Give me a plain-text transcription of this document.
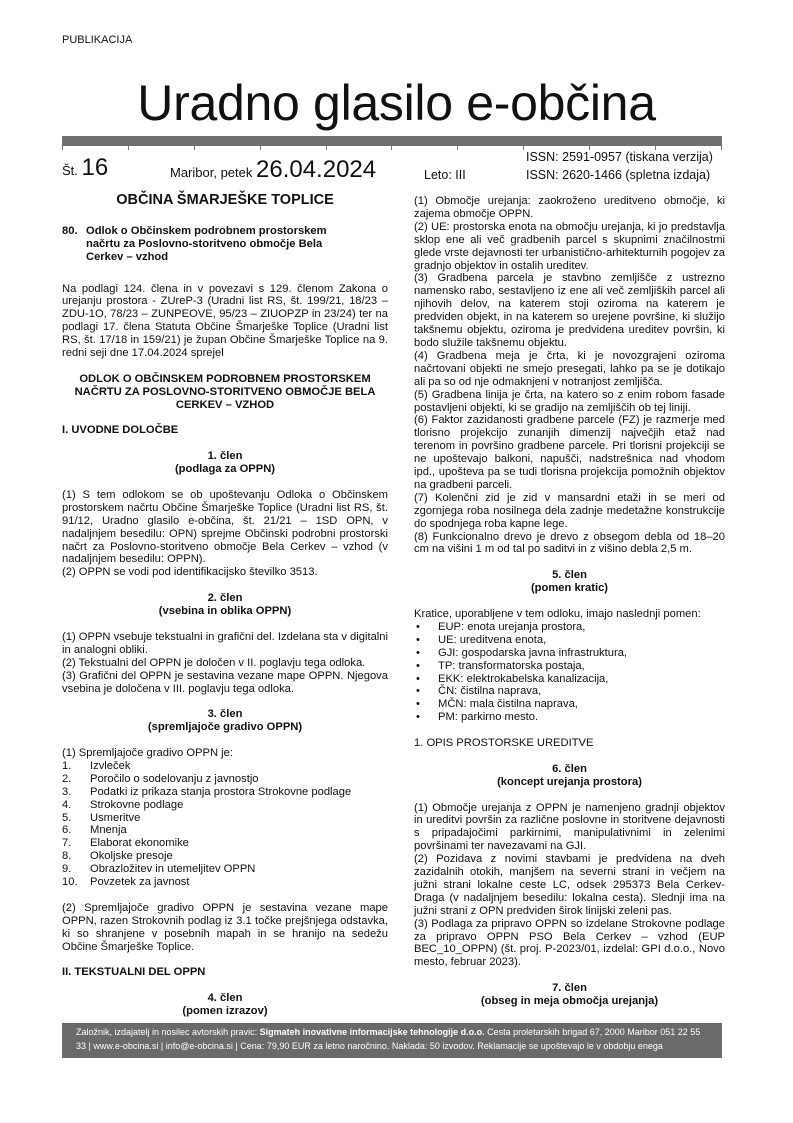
PUBLIKACIJA
Uradno glasilo e-občina
Št. 16	Maribor, petek 26.04.2024	Leto: III
ISSN: 2591-0957 (tiskana verzija)
ISSN: 2620-1466 (spletna izdaja)
OBČINA ŠMARJEŠKE TOPLICE
80. Odlok o Občinskem podrobnem prostorskem načrtu za Poslovno-storitveno območje Bela Cerkev – vzhod

Na podlagi 124. člena in v povezavi s 129. členom Zakona o urejanju prostora - ZUreP-3 (Uradni list RS, št. 199/21, 18/23 – ZDU-1O, 78/23 – ZUNPEOVE, 95/23 – ZIUOPZP in 23/24) ter na podlagi 17. člena Statuta Občine Šmarješke Toplice (Uradni list RS, št. 17/18 in 159/21) je župan Občine Šmarješke Toplice na 9. redni seji dne 17.04.2024 sprejel

ODLOK O OBČINSKEM PODROBNEM PROSTORSKEM NAČRTU ZA POSLOVNO-STORITVENO OBMOČJE BELA CERKEV – VZHOD
I. UVODNE DOLOČBE
1. člen
(podlaga za OPPN)

(1) S tem odlokom se ob upoštevanju Odloka o Občinskem prostorskem načrtu Občine Šmarješke Toplice (Uradni list RS, št. 91/12, Uradno glasilo e-občina, št. 21/21 – 1SD OPN, v nadaljnjem besedilu: OPN) sprejme Občinski podrobni prostorski načrt za Poslovno-storitveno območje Bela Cerkev – vzhod (v nadaljnjem besedilu: OPPN).

(2) OPPN se vodi pod identifikacijsko številko 3513.

2. člen
(vsebina in oblika OPPN)

(1) OPPN vsebuje tekstualni in grafični del. Izdelana sta v digitalni in analogni obliki.

(2) Tekstualni del OPPN je določen v II. poglavju tega odloka.

(3) Grafični del OPPN je sestavina vezane mape OPPN. Njegova vsebina je določena v III. poglavju tega odloka.

3. člen
(spremljajoče gradivo OPPN)

(1) Spremljajoče gradivo OPPN je:

1.	Izvleček
2.	Poročilo o sodelovanju z javnostjo
3.	Podatki iz prikaza stanja prostora Strokovne podlage
4.	Strokovne podlage
5.	Usmeritve
6.	Mnenja
7.	Elaborat ekonomike
8.	Okoljske presoje
9.	Obrazložitev in utemeljitev OPPN
10.	Povzetek za javnost

(2) Spremljajoče gradivo OPPN je sestavina vezane mape OPPN, razen Strokovnih podlag iz 3.1 točke prejšnjega odstavka, ki so shranjene v posebnih mapah in se hranijo na sedežu Občine Šmarješke Toplice.

II. TEKSTUALNI DEL OPPN
4. člen
(pomen izrazov)

(1) Območje urejanja: zaokroženo ureditveno območje, ki zajema območje OPPN.

(2) UE: prostorska enota na območju urejanja, ki jo predstavlja sklop ene ali več gradbenih parcel s skupnimi značilnostmi glede vrste dejavnosti ter urbanistično-arhitekturnih pogojev za gradnjo objektov in ostalih ureditev.

(3) Gradbena parcela je stavbno zemljišče z ustrezno namensko rabo, sestavljeno iz ene ali več zemljiških parcel ali njihovih delov, na katerem stoji oziroma na katerem je predviden objekt, in na katerem so urejene površine, ki služijo takšnemu objektu, oziroma je predvidena ureditev površin, ki bodo služile takšnemu objektu.

(4) Gradbena meja je črta, ki je novozgrajeni oziroma načrtovani objekti ne smejo presegati, lahko pa se je dotikajo ali pa so od nje odmaknjeni v notranjost zemljišča.

(5) Gradbena linija je črta, na katero so z enim robom fasade postavljeni objekti, ki se gradijo na zemljiščih ob tej liniji.

(6) Faktor zazidanosti gradbene parcele (FZ) je razmerje med tlorisno projekcijo zunanjih dimenzij največjih etaž nad terenom in površino gradbene parcele. Pri tlorisni projekciji se ne upoštevajo balkoni, napušči, nadstrešnica nad vhodom ipd., upošteva pa se tudi tlorisna projekcija pomožnih objektov na gradbeni parceli.

(7) Kolenčni zid je zid v mansardni etaži in se meri od zgornjega roba nosilnega dela zadnje medetažne konstrukcije do spodnjega roba kapne lege.

(8) Funkcionalno drevo je drevo z obsegom debla od 18–20 cm na višini 1 m od tal po saditvi in z višino debla 2,5 m.

5. člen
(pomen kratic)

Kratice, uporabljene v tem odloku, imajo naslednji pomen:

•	EUP: enota urejanja prostora,
•	UE: ureditvena enota,
•	GJI: gospodarska javna infrastruktura,
•	TP: transformatorska postaja,
•	EKK: elektrokabelska kanalizacija,
•	ČN: čistilna naprava,
•	MČN: mala čistilna naprava,
•	PM: parkirno mesto.
1. OPIS PROSTORSKE UREDITVE
6. člen
(koncept urejanja prostora)

(1) Območje urejanja z OPPN je namenjeno gradnji objektov in ureditvi površin za različne poslovne in storitvene dejavnosti s pripadajočimi parkirnimi, manipulativnimi in zelenimi površinami ter navezavami na GJI.

(2) Pozidava z novimi stavbami je predvidena na dveh zazidalnih otokih, manjšem na severni strani in večjem na južni strani lokalne ceste LC, odsek 295373 Bela Cerkev-Draga (v nadaljnjem besedilu: lokalna cesta). Slednji ima na južni strani z OPN predviden širok linijski zeleni pas.

(3) Podlaga za pripravo OPPN so izdelane Strokovne podlage za pripravo OPPN PSO Bela Cerkev – vzhod (EUP BEC_10_OPPN) (št. proj. P-2023/01, izdelal: GPI d.o.o., Novo mesto, februar 2023).

7. člen
(obseg in meja območja urejanja)
Založnik, izdajatelj in nosilec avtorskih pravic: Sigmateh inovativne informacijske tehnologije d.o.o. Cesta proletarskih brigad 67, 2000 Maribor 051 22 55 33 | www.e-obcina.si | info@e-obcina.si | Cena: 79,90 EUR za letno naročnino. Naklada: 50 izvodov. Reklamacije se upoštevajo le v obdobju enega
